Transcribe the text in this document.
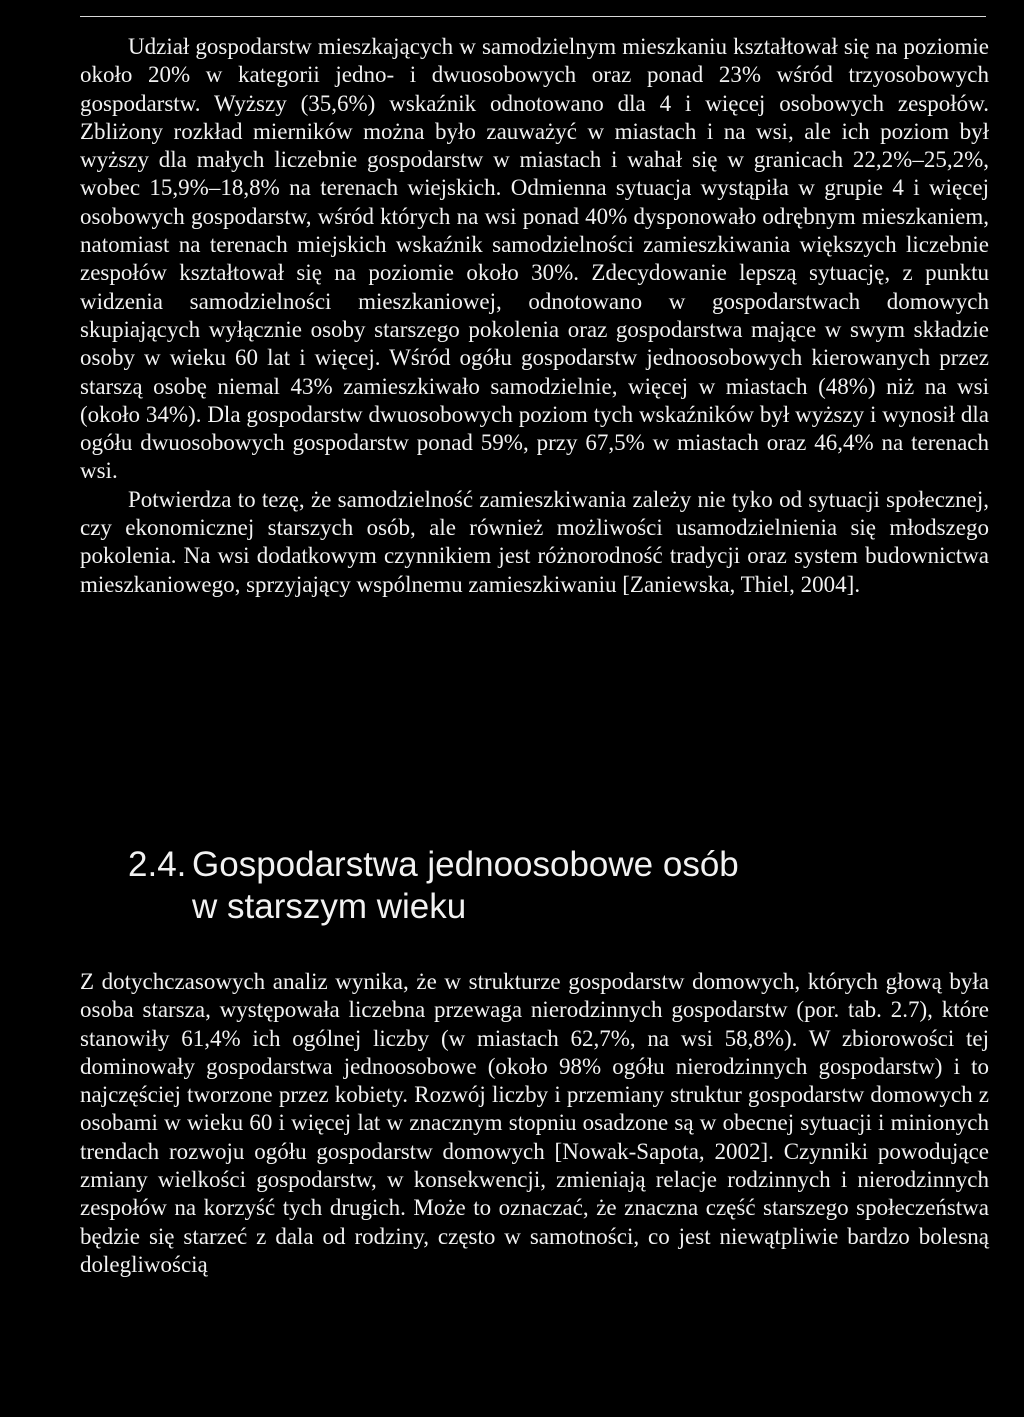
Udział gospodarstw mieszkających w samodzielnym mieszkaniu kształtował się na poziomie około 20% w kategorii jedno- i dwuosobowych oraz ponad 23% wśród trzyosobowych gospodarstw. Wyższy (35,6%) wskaźnik odnotowano dla 4 i więcej osobowych zespołów. Zbliżony rozkład mierników można było zauważyć w miastach i na wsi, ale ich poziom był wyższy dla małych liczebnie gospodarstw w miastach i wahał się w granicach 22,2%–25,2%, wobec 15,9%–18,8% na terenach wiejskich. Odmienna sytuacja wystąpiła w grupie 4 i więcej osobowych gospodarstw, wśród których na wsi ponad 40% dysponowało odrębnym mieszkaniem, natomiast na terenach miejskich wskaźnik samodzielności zamieszkiwania większych liczebnie zespołów kształtował się na poziomie około 30%. Zdecydowanie lepszą sytuację, z punktu widzenia samodzielności mieszkaniowej, odnotowano w gospodarstwach domowych skupiających wyłącznie osoby starszego pokolenia oraz gospodarstwa mające w swym składzie osoby w wieku 60 lat i więcej. Wśród ogółu gospodarstw jednoosobowych kierowanych przez starszą osobę niemal 43% zamieszkiwało samodzielnie, więcej w miastach (48%) niż na wsi (około 34%). Dla gospodarstw dwuosobowych poziom tych wskaźników był wyższy i wynosił dla ogółu dwuosobowych gospodarstw ponad 59%, przy 67,5% w miastach oraz 46,4% na terenach wsi.

Potwierdza to tezę, że samodzielność zamieszkiwania zależy nie tyko od sytuacji społecznej, czy ekonomicznej starszych osób, ale również możliwości usamodzielnienia się młodszego pokolenia. Na wsi dodatkowym czynnikiem jest różnorodność tradycji oraz system budownictwa mieszkaniowego, sprzyjający wspólnemu zamieszkiwaniu [Zaniewska, Thiel, 2004].

2.4. Gospodarstwa jednoosobowe osób
w starszym wieku

Z dotychczasowych analiz wynika, że w strukturze gospodarstw domowych, których głową była osoba starsza, występowała liczebna przewaga nierodzinnych gospodarstw (por. tab. 2.7), które stanowiły 61,4% ich ogólnej liczby (w miastach 62,7%, na wsi 58,8%). W zbiorowości tej dominowały gospodarstwa jednoosobowe (około 98% ogółu nierodzinnych gospodarstw) i to najczęściej tworzone przez kobiety. Rozwój liczby i przemiany struktur gospodarstw domowych z osobami w wieku 60 i więcej lat w znacznym stopniu osadzone są w obecnej sytuacji i minionych trendach rozwoju ogółu gospodarstw domowych [Nowak-Sapota, 2002]. Czynniki powodujące zmiany wielkości gospodarstw, w konsekwencji, zmieniają relacje rodzinnych i nierodzinnych zespołów na korzyść tych drugich. Może to oznaczać, że znaczna część starszego społeczeństwa będzie się starzeć z dala od rodziny, często w samotności, co jest niewątpliwie bardzo bolesną dolegliwością
